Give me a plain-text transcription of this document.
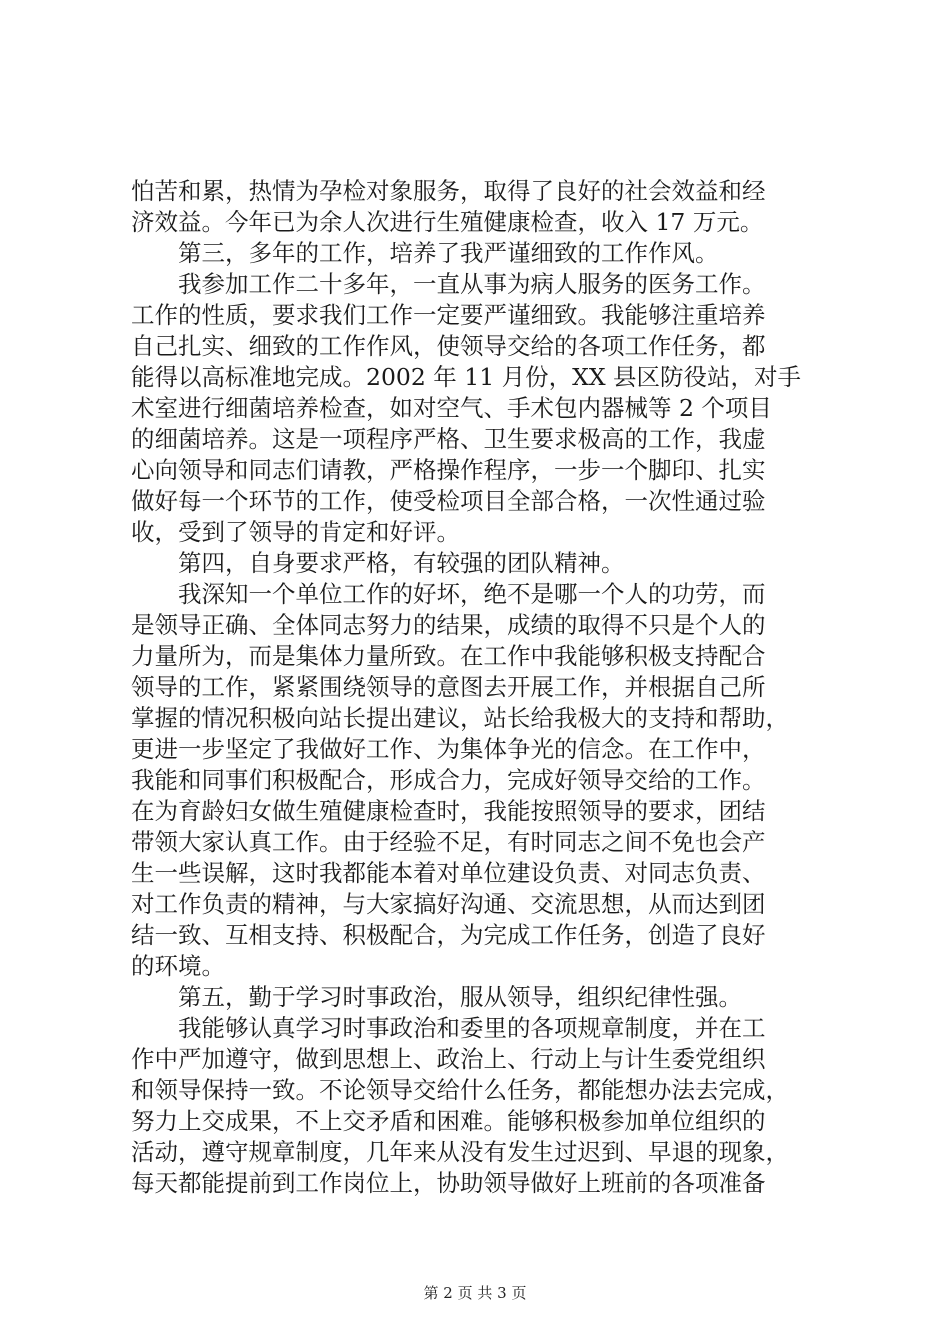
怕苦和累，热情为孕检对象服务，取得了良好的社会效益和经
济效益。今年已为余人次进行生殖健康检查，收入 17 万元。
第三，多年的工作，培养了我严谨细致的工作作风。
我参加工作二十多年，一直从事为病人服务的医务工作。
工作的性质，要求我们工作一定要严谨细致。我能够注重培养
自己扎实、细致的工作作风，使领导交给的各项工作任务，都
能得以高标准地完成。2002 年 11 月份，XX 县区防役站，对手
术室进行细菌培养检查，如对空气、手术包内器械等 2 个项目
的细菌培养。这是一项程序严格、卫生要求极高的工作，我虚
心向领导和同志们请教，严格操作程序，一步一个脚印、扎实
做好每一个环节的工作，使受检项目全部合格，一次性通过验
收，受到了领导的肯定和好评。
第四，自身要求严格，有较强的团队精神。
我深知一个单位工作的好坏，绝不是哪一个人的功劳，而
是领导正确、全体同志努力的结果，成绩的取得不只是个人的
力量所为，而是集体力量所致。在工作中我能够积极支持配合
领导的工作，紧紧围绕领导的意图去开展工作，并根据自己所
掌握的情况积极向站长提出建议，站长给我极大的支持和帮助，
更进一步坚定了我做好工作、为集体争光的信念。在工作中，
我能和同事们积极配合，形成合力，完成好领导交给的工作。
在为育龄妇女做生殖健康检查时，我能按照领导的要求，团结
带领大家认真工作。由于经验不足，有时同志之间不免也会产
生一些误解，这时我都能本着对单位建设负责、对同志负责、
对工作负责的精神，与大家搞好沟通、交流思想，从而达到团
结一致、互相支持、积极配合，为完成工作任务，创造了良好
的环境。
第五，勤于学习时事政治，服从领导，组织纪律性强。
我能够认真学习时事政治和委里的各项规章制度，并在工
作中严加遵守，做到思想上、政治上、行动上与计生委党组织
和领导保持一致。不论领导交给什么任务，都能想办法去完成，
努力上交成果，不上交矛盾和困难。能够积极参加单位组织的
活动，遵守规章制度，几年来从没有发生过迟到、早退的现象，
每天都能提前到工作岗位上，协助领导做好上班前的各项准备
第 2 页 共 3 页
